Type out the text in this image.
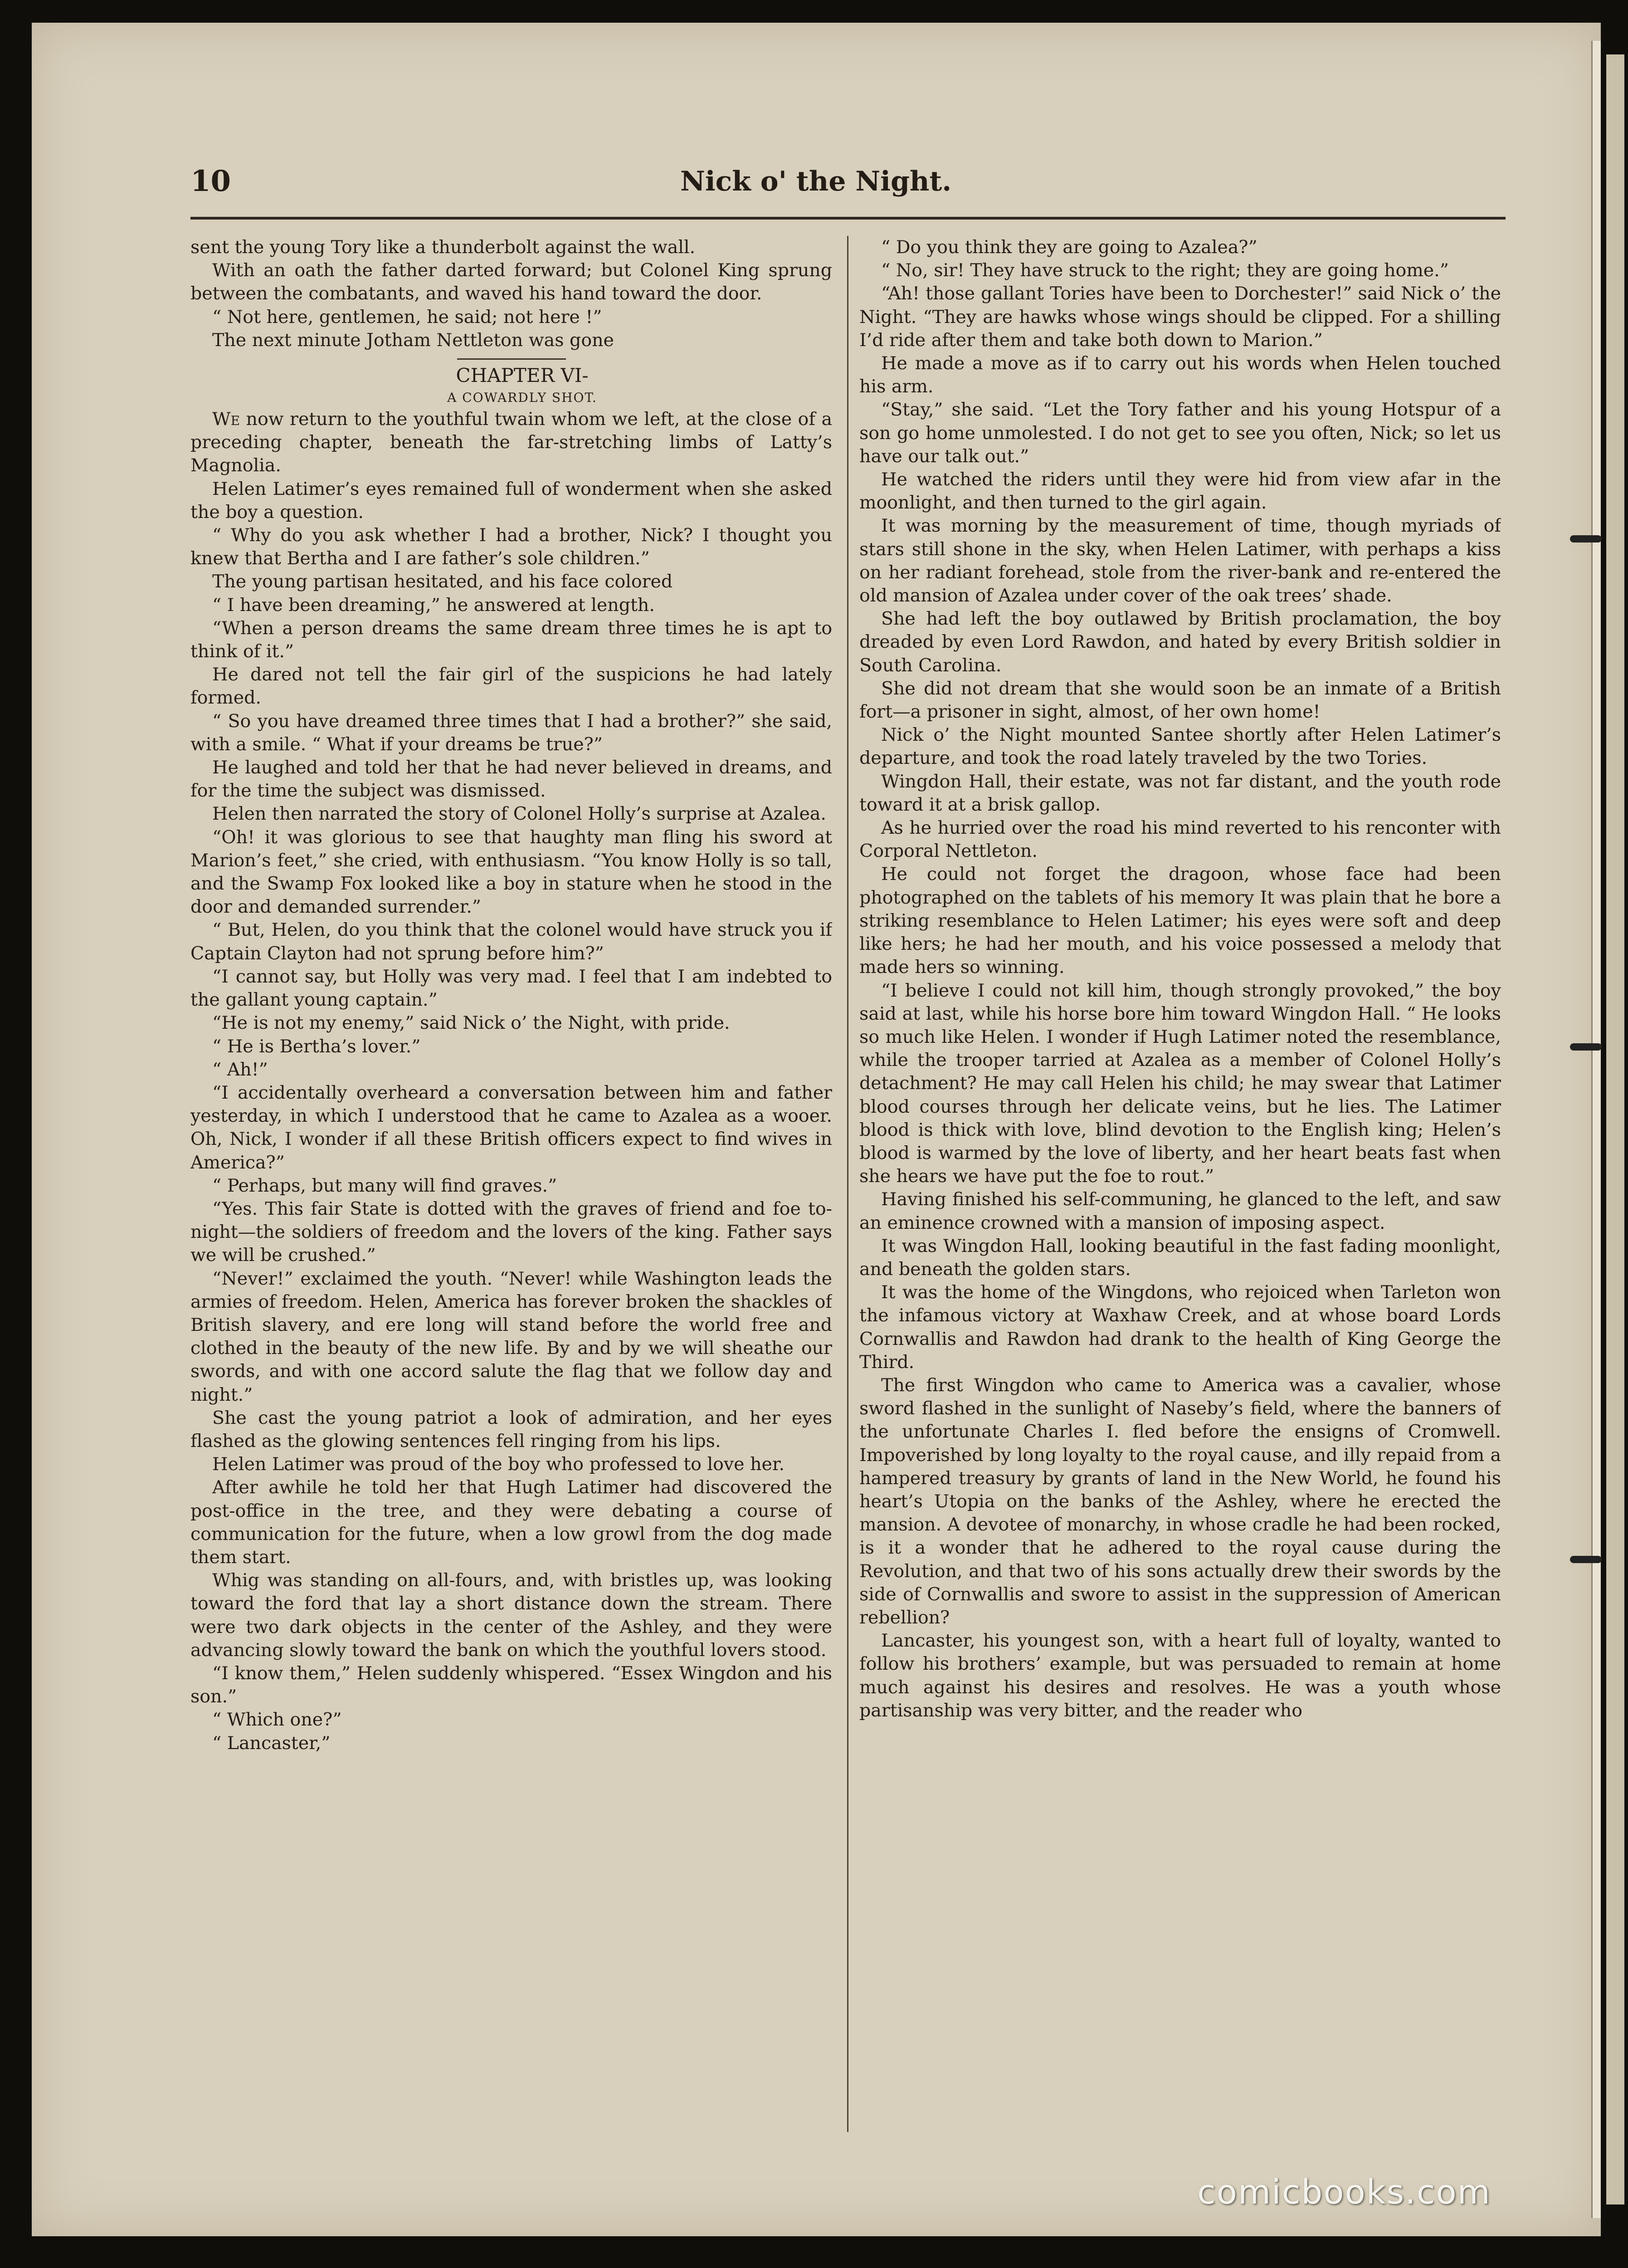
10	Nick o' the Night.

sent the young Tory like a thunderbolt against the wall.

With an oath the father darted forward; but Colonel King sprung between the combatants, and waved his hand toward the door.

“ Not here, gentlemen, he said; not here !”

The next minute Jotham Nettleton was gone

CHAPTER VI-

A COWARDLY SHOT.

We now return to the youthful twain whom we left, at the close of a preceding chapter, beneath the far-stretching limbs of Latty’s Magnolia.

Helen Latimer’s eyes remained full of wonderment when she asked the boy a question.

“ Why do you ask whether I had a brother, Nick? I thought you knew that Bertha and I are father’s sole children.”

The young partisan hesitated, and his face colored

“ I have been dreaming,” he answered at length.

“When a person dreams the same dream three times he is apt to think of it.”

He dared not tell the fair girl of the suspicions he had lately formed.

“ So you have dreamed three times that I had a brother?” she said, with a smile. “ What if your dreams be true?”

He laughed and told her that he had never believed in dreams, and for the time the subject was dismissed.

Helen then narrated the story of Colonel Holly’s surprise at Azalea.

“Oh! it was glorious to see that haughty man fling his sword at Marion’s feet,” she cried, with enthusiasm. “You know Holly is so tall, and the Swamp Fox looked like a boy in stature when he stood in the door and demanded surrender.”

“ But, Helen, do you think that the colonel would have struck you if Captain Clayton had not sprung before him?”

“I cannot say, but Holly was very mad. I feel that I am indebted to the gallant young captain.”

“He is not my enemy,” said Nick o’ the Night, with pride.

“ He is Bertha’s lover.”

“ Ah!”

“I accidentally overheard a conversation between him and father yesterday, in which I understood that he came to Azalea as a wooer. Oh, Nick, I wonder if all these British officers expect to find wives in America?”

“ Perhaps, but many will find graves.”

“Yes. This fair State is dotted with the graves of friend and foe to-night—the soldiers of freedom and the lovers of the king. Father says we will be crushed.”

“Never!” exclaimed the youth. “Never! while Washington leads the armies of freedom. Helen, America has forever broken the shackles of British slavery, and ere long will stand before the world free and clothed in the beauty of the new life. By and by we will sheathe our swords, and with one accord salute the flag that we follow day and night.”

She cast the young patriot a look of admiration, and her eyes flashed as the glowing sentences fell ringing from his lips.

Helen Latimer was proud of the boy who professed to love her.

After awhile he told her that Hugh Latimer had discovered the post-office in the tree, and they were debating a course of communication for the future, when a low growl from the dog made them start.

Whig was standing on all-fours, and, with bristles up, was looking toward the ford that lay a short distance down the stream. There were two dark objects in the center of the Ashley, and they were advancing slowly toward the bank on which the youthful lovers stood.

“I know them,” Helen suddenly whispered. “Essex Wingdon and his son.”

“ Which one?”

“ Lancaster,”

“ Do you think they are going to Azalea?”

“ No, sir! They have struck to the right; they are going home.”

“Ah! those gallant Tories have been to Dorchester!” said Nick o’ the Night. “They are hawks whose wings should be clipped. For a shilling I’d ride after them and take both down to Marion.”

He made a move as if to carry out his words when Helen touched his arm.

“Stay,” she said. “Let the Tory father and his young Hotspur of a son go home unmolested. I do not get to see you often, Nick; so let us have our talk out.”

He watched the riders until they were hid from view afar in the moonlight, and then turned to the girl again.

It was morning by the measurement of time, though myriads of stars still shone in the sky, when Helen Latimer, with perhaps a kiss on her radiant forehead, stole from the river-bank and re-entered the old mansion of Azalea under cover of the oak trees’ shade.

She had left the boy outlawed by British proclamation, the boy dreaded by even Lord Rawdon, and hated by every British soldier in South Carolina.

She did not dream that she would soon be an inmate of a British fort—a prisoner in sight, almost, of her own home!

Nick o’ the Night mounted Santee shortly after Helen Latimer’s departure, and took the road lately traveled by the two Tories.

Wingdon Hall, their estate, was not far distant, and the youth rode toward it at a brisk gallop.

As he hurried over the road his mind reverted to his renconter with Corporal Nettleton.

He could not forget the dragoon, whose face had been photographed on the tablets of his memory It was plain that he bore a striking resemblance to Helen Latimer; his eyes were soft and deep like hers; he had her mouth, and his voice possessed a melody that made hers so winning.

“I believe I could not kill him, though strongly provoked,” the boy said at last, while his horse bore him toward Wingdon Hall. “ He looks so much like Helen. I wonder if Hugh Latimer noted the resemblance, while the trooper tarried at Azalea as a member of Colonel Holly’s detachment? He may call Helen his child; he may swear that Latimer blood courses through her delicate veins, but he lies. The Latimer blood is thick with love, blind devotion to the English king; Helen’s blood is warmed by the love of liberty, and her heart beats fast when she hears we have put the foe to rout.”

Having finished his self-communing, he glanced to the left, and saw an eminence crowned with a mansion of imposing aspect.

It was Wingdon Hall, looking beautiful in the fast fading moonlight, and beneath the golden stars.

It was the home of the Wingdons, who rejoiced when Tarleton won the infamous victory at Waxhaw Creek, and at whose board Lords Cornwallis and Rawdon had drank to the health of King George the Third.

The first Wingdon who came to America was a cavalier, whose sword flashed in the sunlight of Naseby’s field, where the banners of the unfortunate Charles I. fled before the ensigns of Cromwell. Impoverished by long loyalty to the royal cause, and illy repaid from a hampered treasury by grants of land in the New World, he found his heart’s Utopia on the banks of the Ashley, where he erected the mansion. A devotee of monarchy, in whose cradle he had been rocked, is it a wonder that he adhered to the royal cause during the Revolution, and that two of his sons actually drew their swords by the side of Cornwallis and swore to assist in the suppression of American rebellion?

Lancaster, his youngest son, with a heart full of loyalty, wanted to follow his brothers’ example, but was persuaded to remain at home much against his desires and resolves. He was a youth whose partisanship was very bitter, and the reader who

comicbooks.com
